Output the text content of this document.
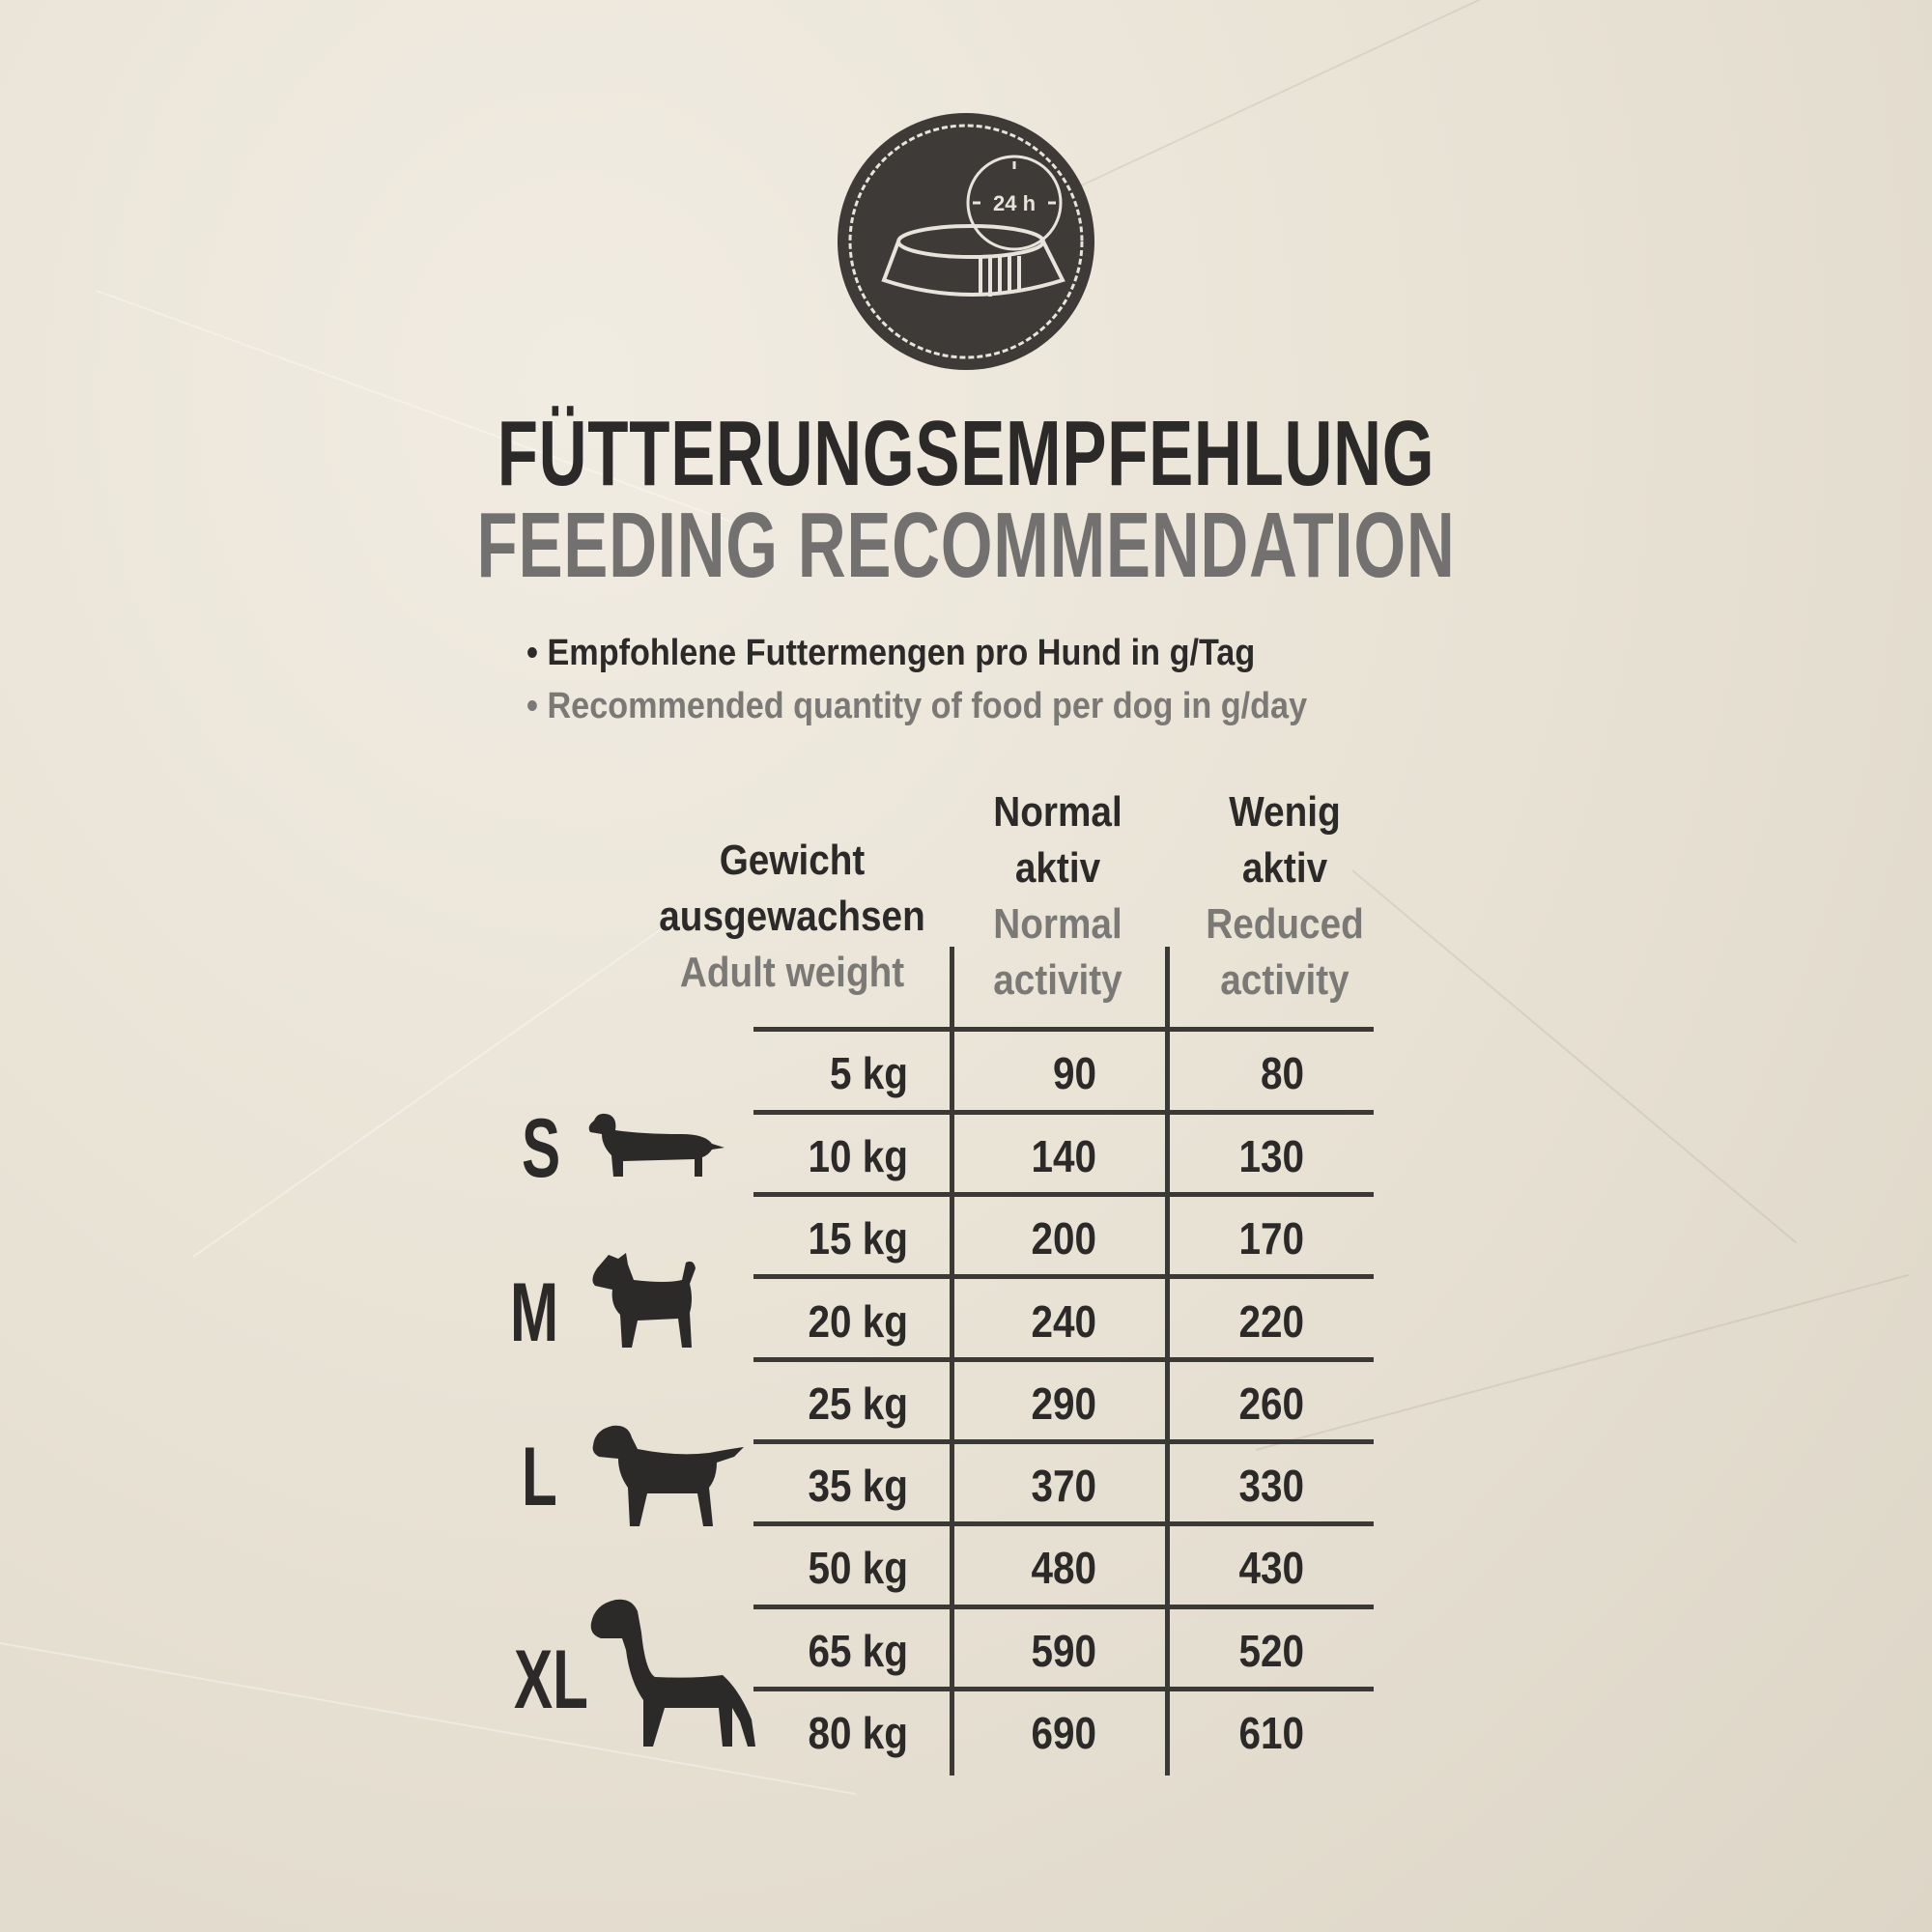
24 h
FÜTTERUNGSEMPFEHLUNG
FEEDING RECOMMENDATION
• Empfohlene Futtermengen pro Hund in g/Tag
• Recommended quantity of food per dog in g/day
Gewicht
ausgewachsen
Adult weight
Normal
aktiv
Normal
activity
Wenig
aktiv
Reduced
activity
5 kg	90	80
10 kg	140	130
15 kg	200	170
20 kg	240	220
25 kg	290	260
35 kg	370	330
50 kg	480	430
65 kg	590	520
80 kg	690	610
S
M
L
XL
